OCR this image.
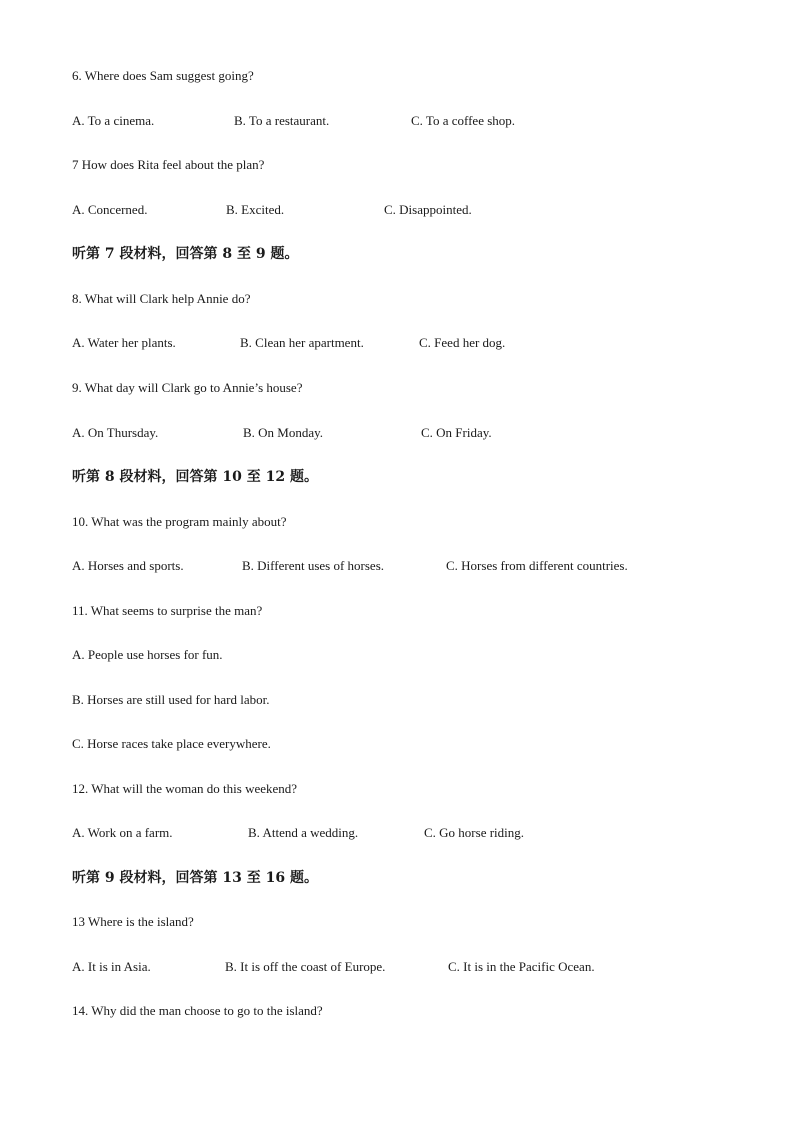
6. Where does Sam suggest going?
A. To a cinema.	B. To a restaurant.	C. To a coffee shop.
7 How does Rita feel about the plan?
A. Concerned.	B. Excited.	C. Disappointed.
听第 7 段材料，回答第 8 至 9 题。
8. What will Clark help Annie do?
A. Water her plants.	B. Clean her apartment.	C. Feed her dog.
9. What day will Clark go to Annie’s house?
A. On Thursday.	B. On Monday.	C. On Friday.
听第 8 段材料，回答第 10 至 12 题。
10. What was the program mainly about?
A. Horses and sports.	B. Different uses of horses.	C. Horses from different countries.
11. What seems to surprise the man?
A. People use horses for fun.
B. Horses are still used for hard labor.
C. Horse races take place everywhere.
12. What will the woman do this weekend?
A. Work on a farm.	B. Attend a wedding.	C. Go horse riding.
听第 9 段材料，回答第 13 至 16 题。
13 Where is the island?
A. It is in Asia.	B. It is off the coast of Europe.	C. It is in the Pacific Ocean.
14. Why did the man choose to go to the island?
